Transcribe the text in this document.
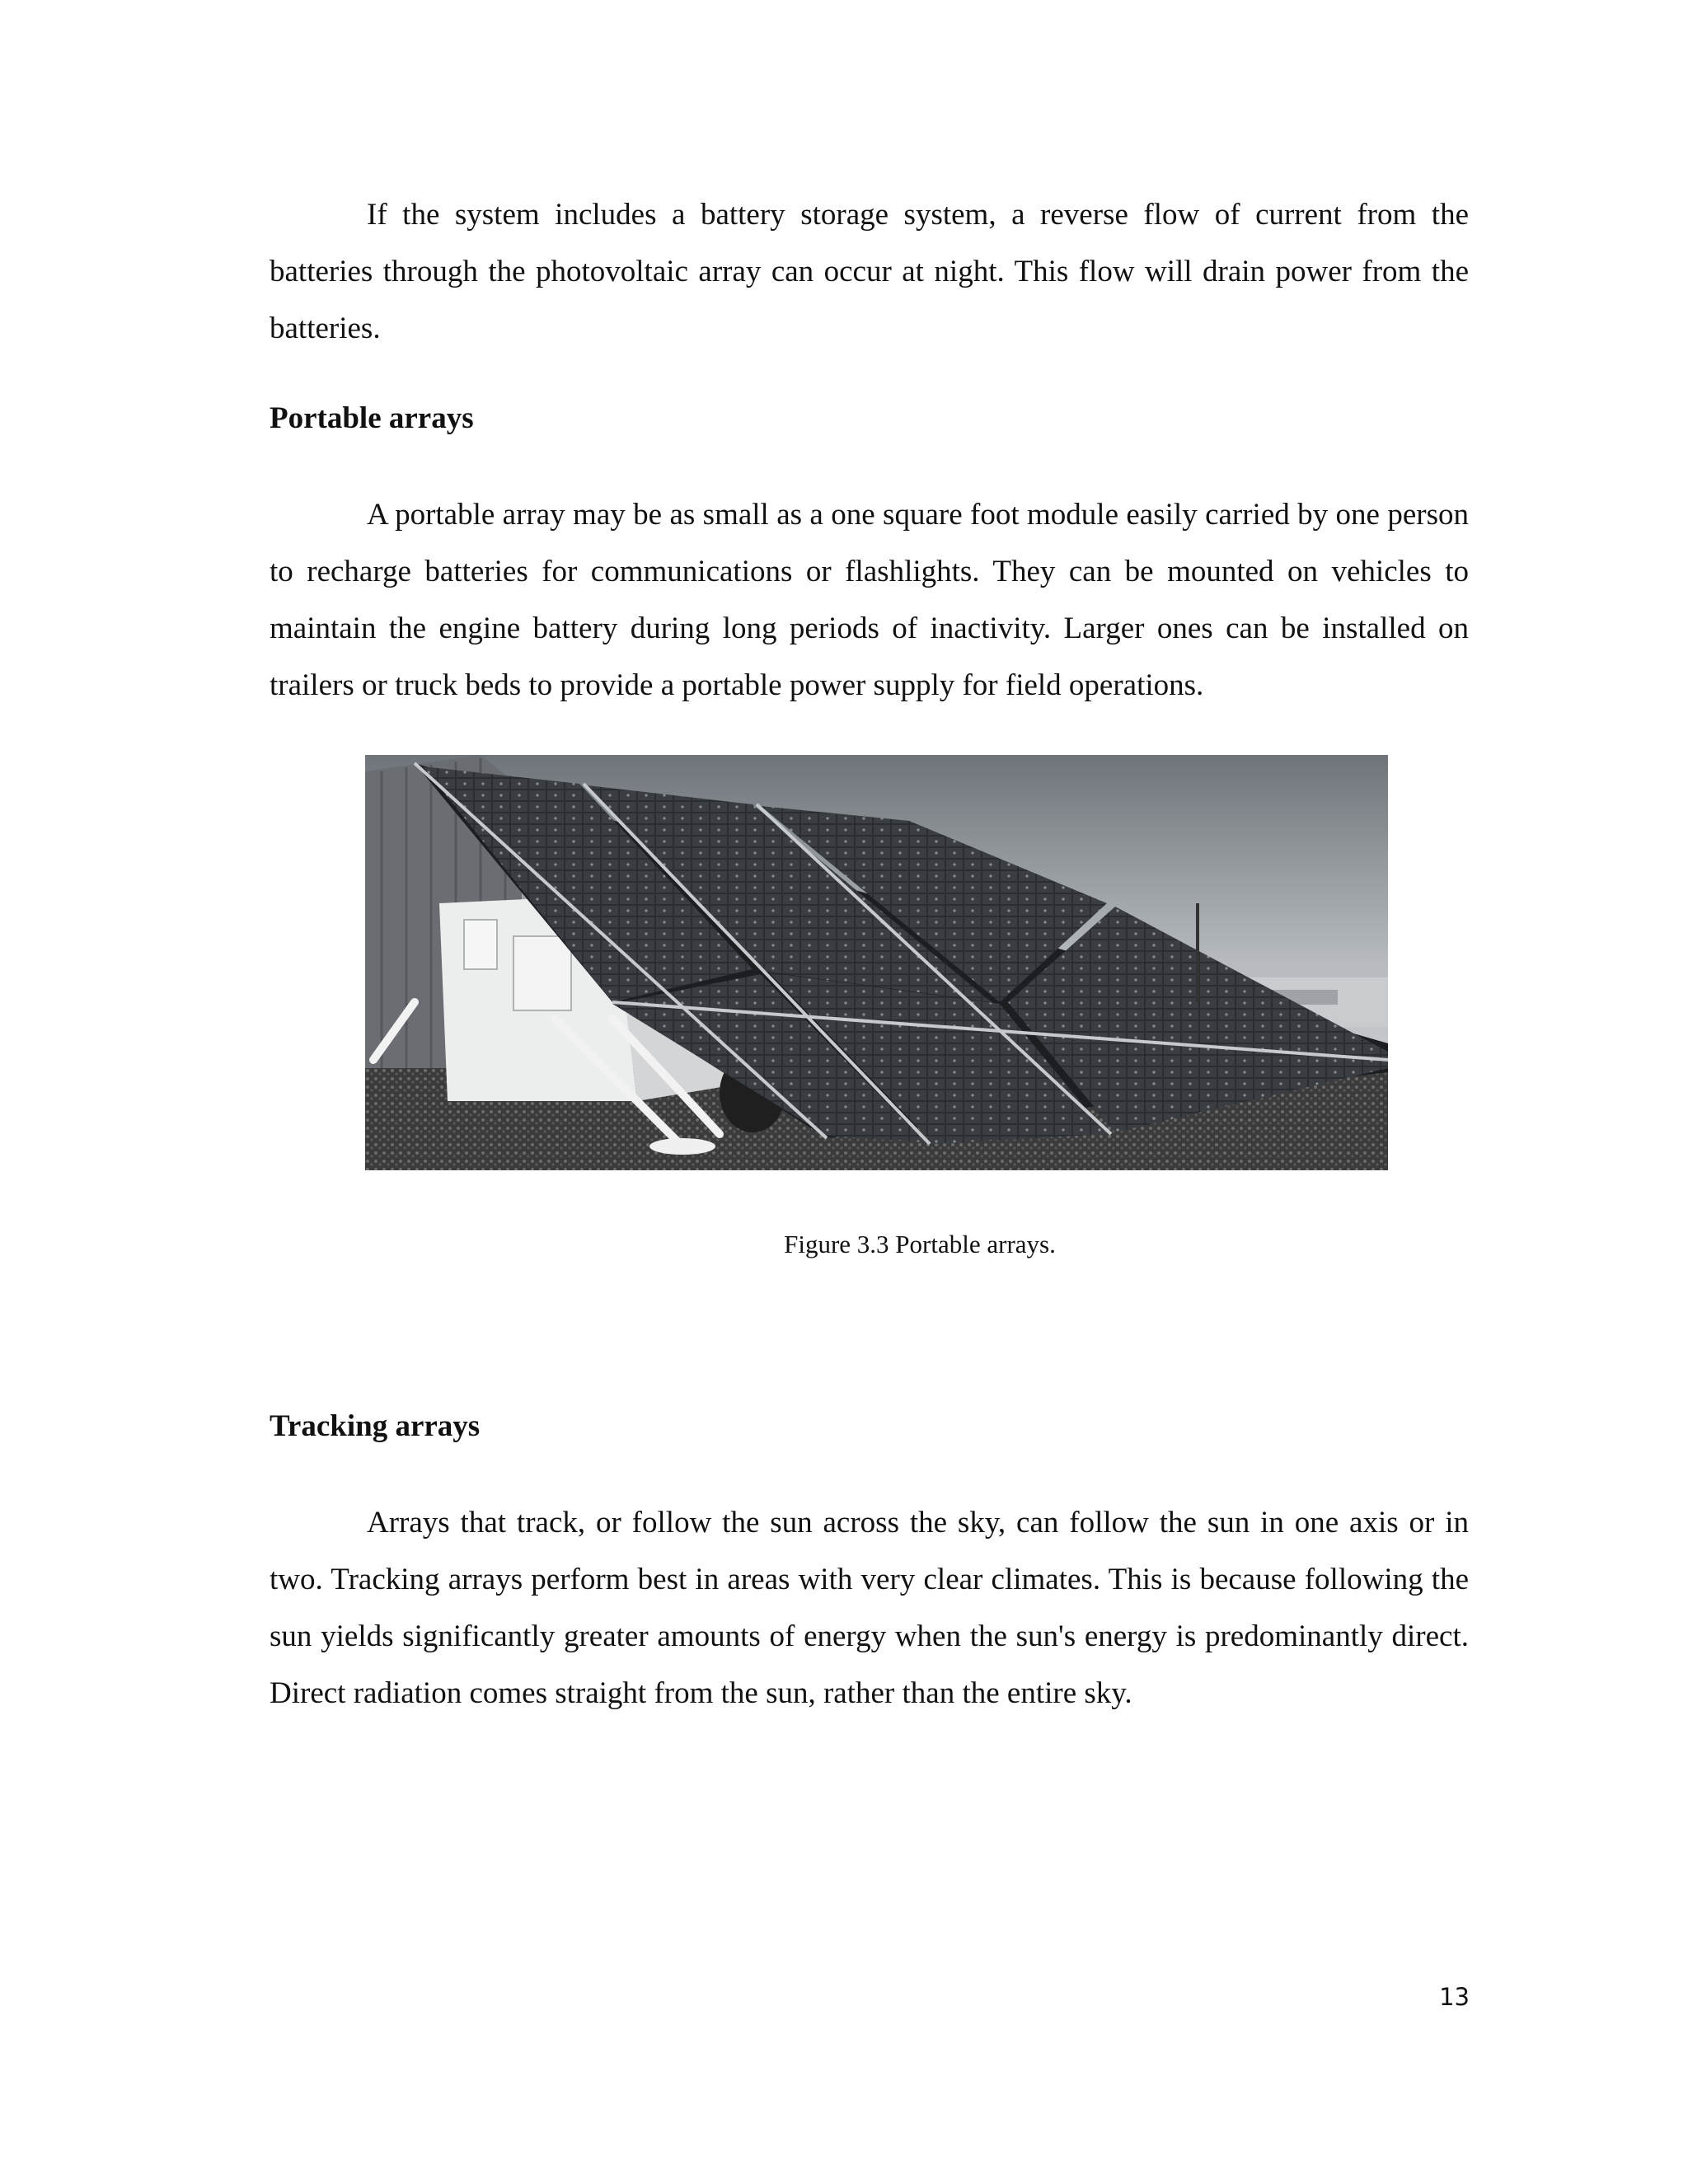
If the system includes a battery storage system, a reverse flow of current from the batteries through the photovoltaic array can occur at night. This flow will drain power from the batteries.

Portable arrays

A portable array may be as small as a one square foot module easily carried by one person to recharge batteries for communications or flashlights. They can be mounted on vehicles to maintain the engine battery during long periods of inactivity. Larger ones can be installed on trailers or truck beds to provide a portable power supply for field operations.

Figure 3.3 Portable arrays.
Tracking arrays

Arrays that track, or follow the sun across the sky, can follow the sun in one axis or in two. Tracking arrays perform best in areas with very clear climates. This is because following the sun yields significantly greater amounts of energy when the sun's energy is predominantly direct. Direct radiation comes straight from the sun, rather than the entire sky.

13
